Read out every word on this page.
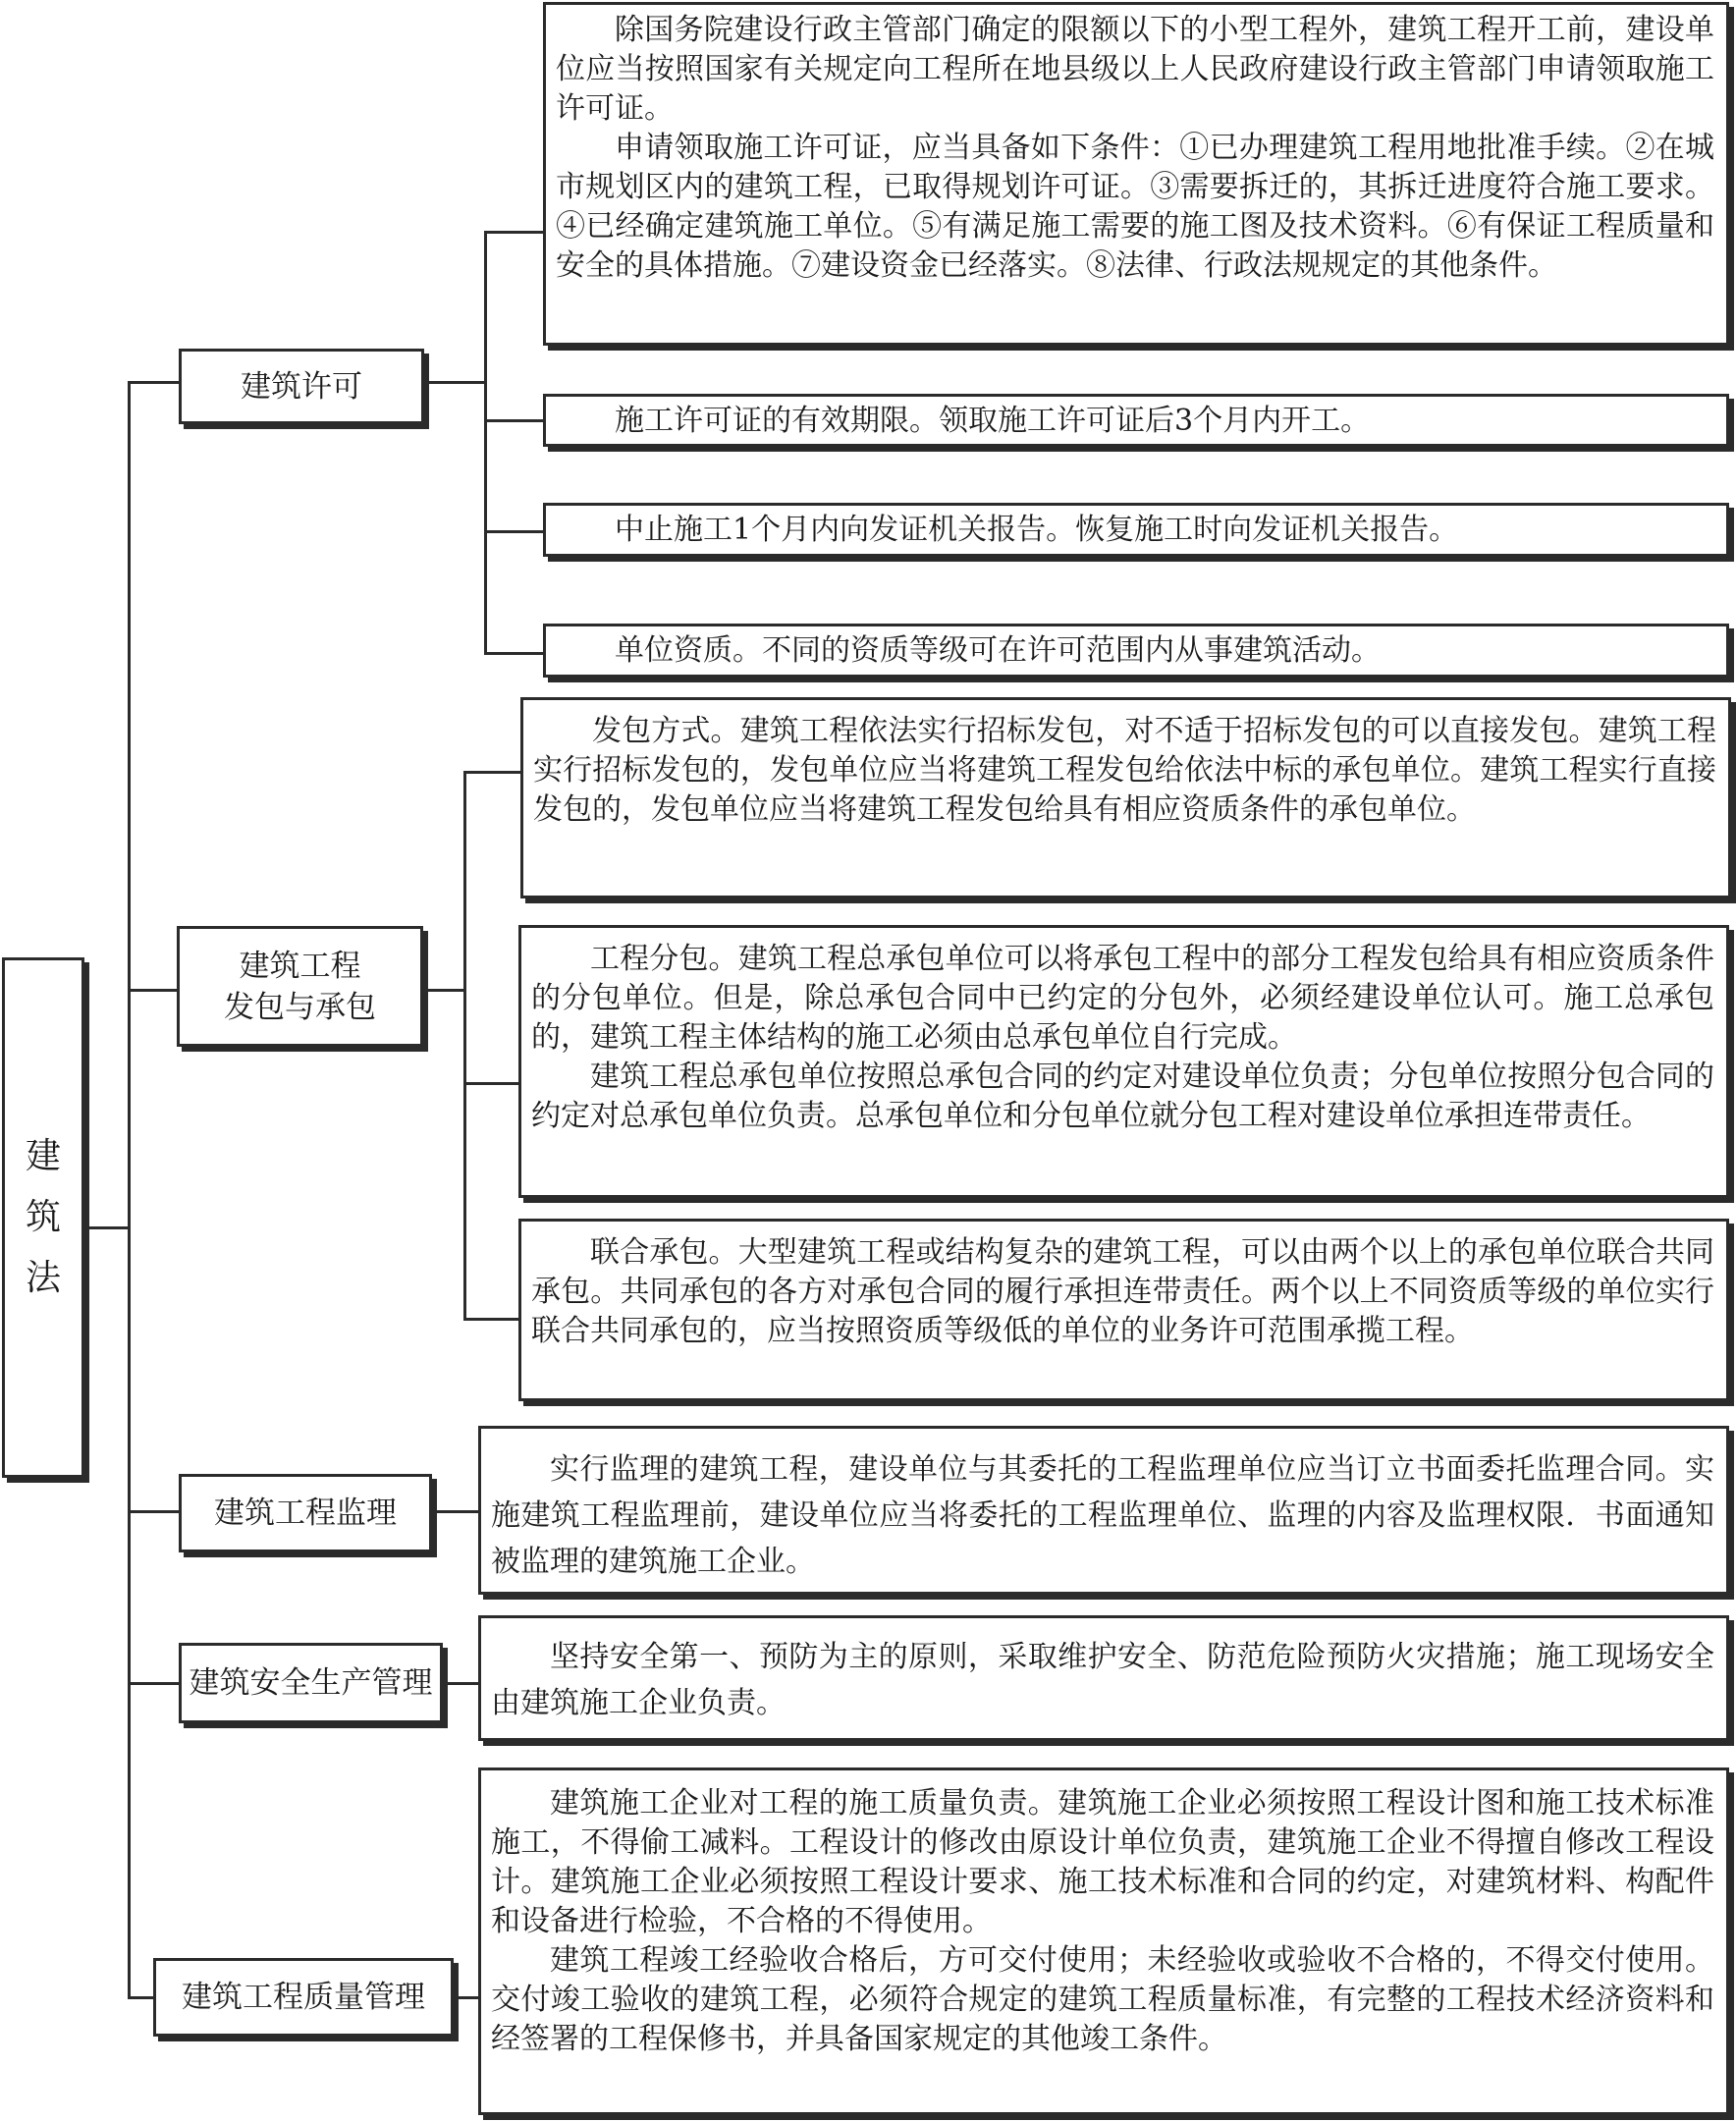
建
筑
法
建筑许可
建筑工程
发包与承包
建筑工程监理
建筑安全生产管理
建筑工程质量管理

除国务院建设行政主管部门确定的限额以下的小型工程外，建筑工程开工前，建设单位应当按照国家有关规定向工程所在地县级以上人民政府建设行政主管部门申请领取施工许可证。

申请领取施工许可证，应当具备如下条件：①已办理建筑工程用地批准手续。②在城市规划区内的建筑工程，已取得规划许可证。③需要拆迁的，其拆迁进度符合施工要求。④已经确定建筑施工单位。⑤有满足施工需要的施工图及技术资料。⑥有保证工程质量和安全的具体措施。⑦建设资金已经落实。⑧法律、行政法规规定的其他条件。

施工许可证的有效期限。领取施工许可证后3个月内开工。

中止施工1个月内向发证机关报告。恢复施工时向发证机关报告。

单位资质。不同的资质等级可在许可范围内从事建筑活动。

发包方式。建筑工程依法实行招标发包，对不适于招标发包的可以直接发包。建筑工程实行招标发包的，发包单位应当将建筑工程发包给依法中标的承包单位。建筑工程实行直接发包的，发包单位应当将建筑工程发包给具有相应资质条件的承包单位。

工程分包。建筑工程总承包单位可以将承包工程中的部分工程发包给具有相应资质条件的分包单位。但是，除总承包合同中已约定的分包外，必须经建设单位认可。施工总承包的，建筑工程主体结构的施工必须由总承包单位自行完成。

建筑工程总承包单位按照总承包合同的约定对建设单位负责；分包单位按照分包合同的约定对总承包单位负责。总承包单位和分包单位就分包工程对建设单位承担连带责任。

联合承包。大型建筑工程或结构复杂的建筑工程，可以由两个以上的承包单位联合共同承包。共同承包的各方对承包合同的履行承担连带责任。两个以上不同资质等级的单位实行联合共同承包的，应当按照资质等级低的单位的业务许可范围承揽工程。

实行监理的建筑工程，建设单位与其委托的工程监理单位应当订立书面委托监理合同。实施建筑工程监理前，建设单位应当将委托的工程监理单位、监理的内容及监理权限．书面通知被监理的建筑施工企业。

坚持安全第一、预防为主的原则，采取维护安全、防范危险预防火灾措施；施工现场安全由建筑施工企业负责。

建筑施工企业对工程的施工质量负责。建筑施工企业必须按照工程设计图和施工技术标准施工，不得偷工减料。工程设计的修改由原设计单位负责，建筑施工企业不得擅自修改工程设计。建筑施工企业必须按照工程设计要求、施工技术标准和合同的约定，对建筑材料、构配件和设备进行检验，不合格的不得使用。

建筑工程竣工经验收合格后，方可交付使用；未经验收或验收不合格的，不得交付使用。交付竣工验收的建筑工程，必须符合规定的建筑工程质量标准，有完整的工程技术经济资料和经签署的工程保修书，并具备国家规定的其他竣工条件。
